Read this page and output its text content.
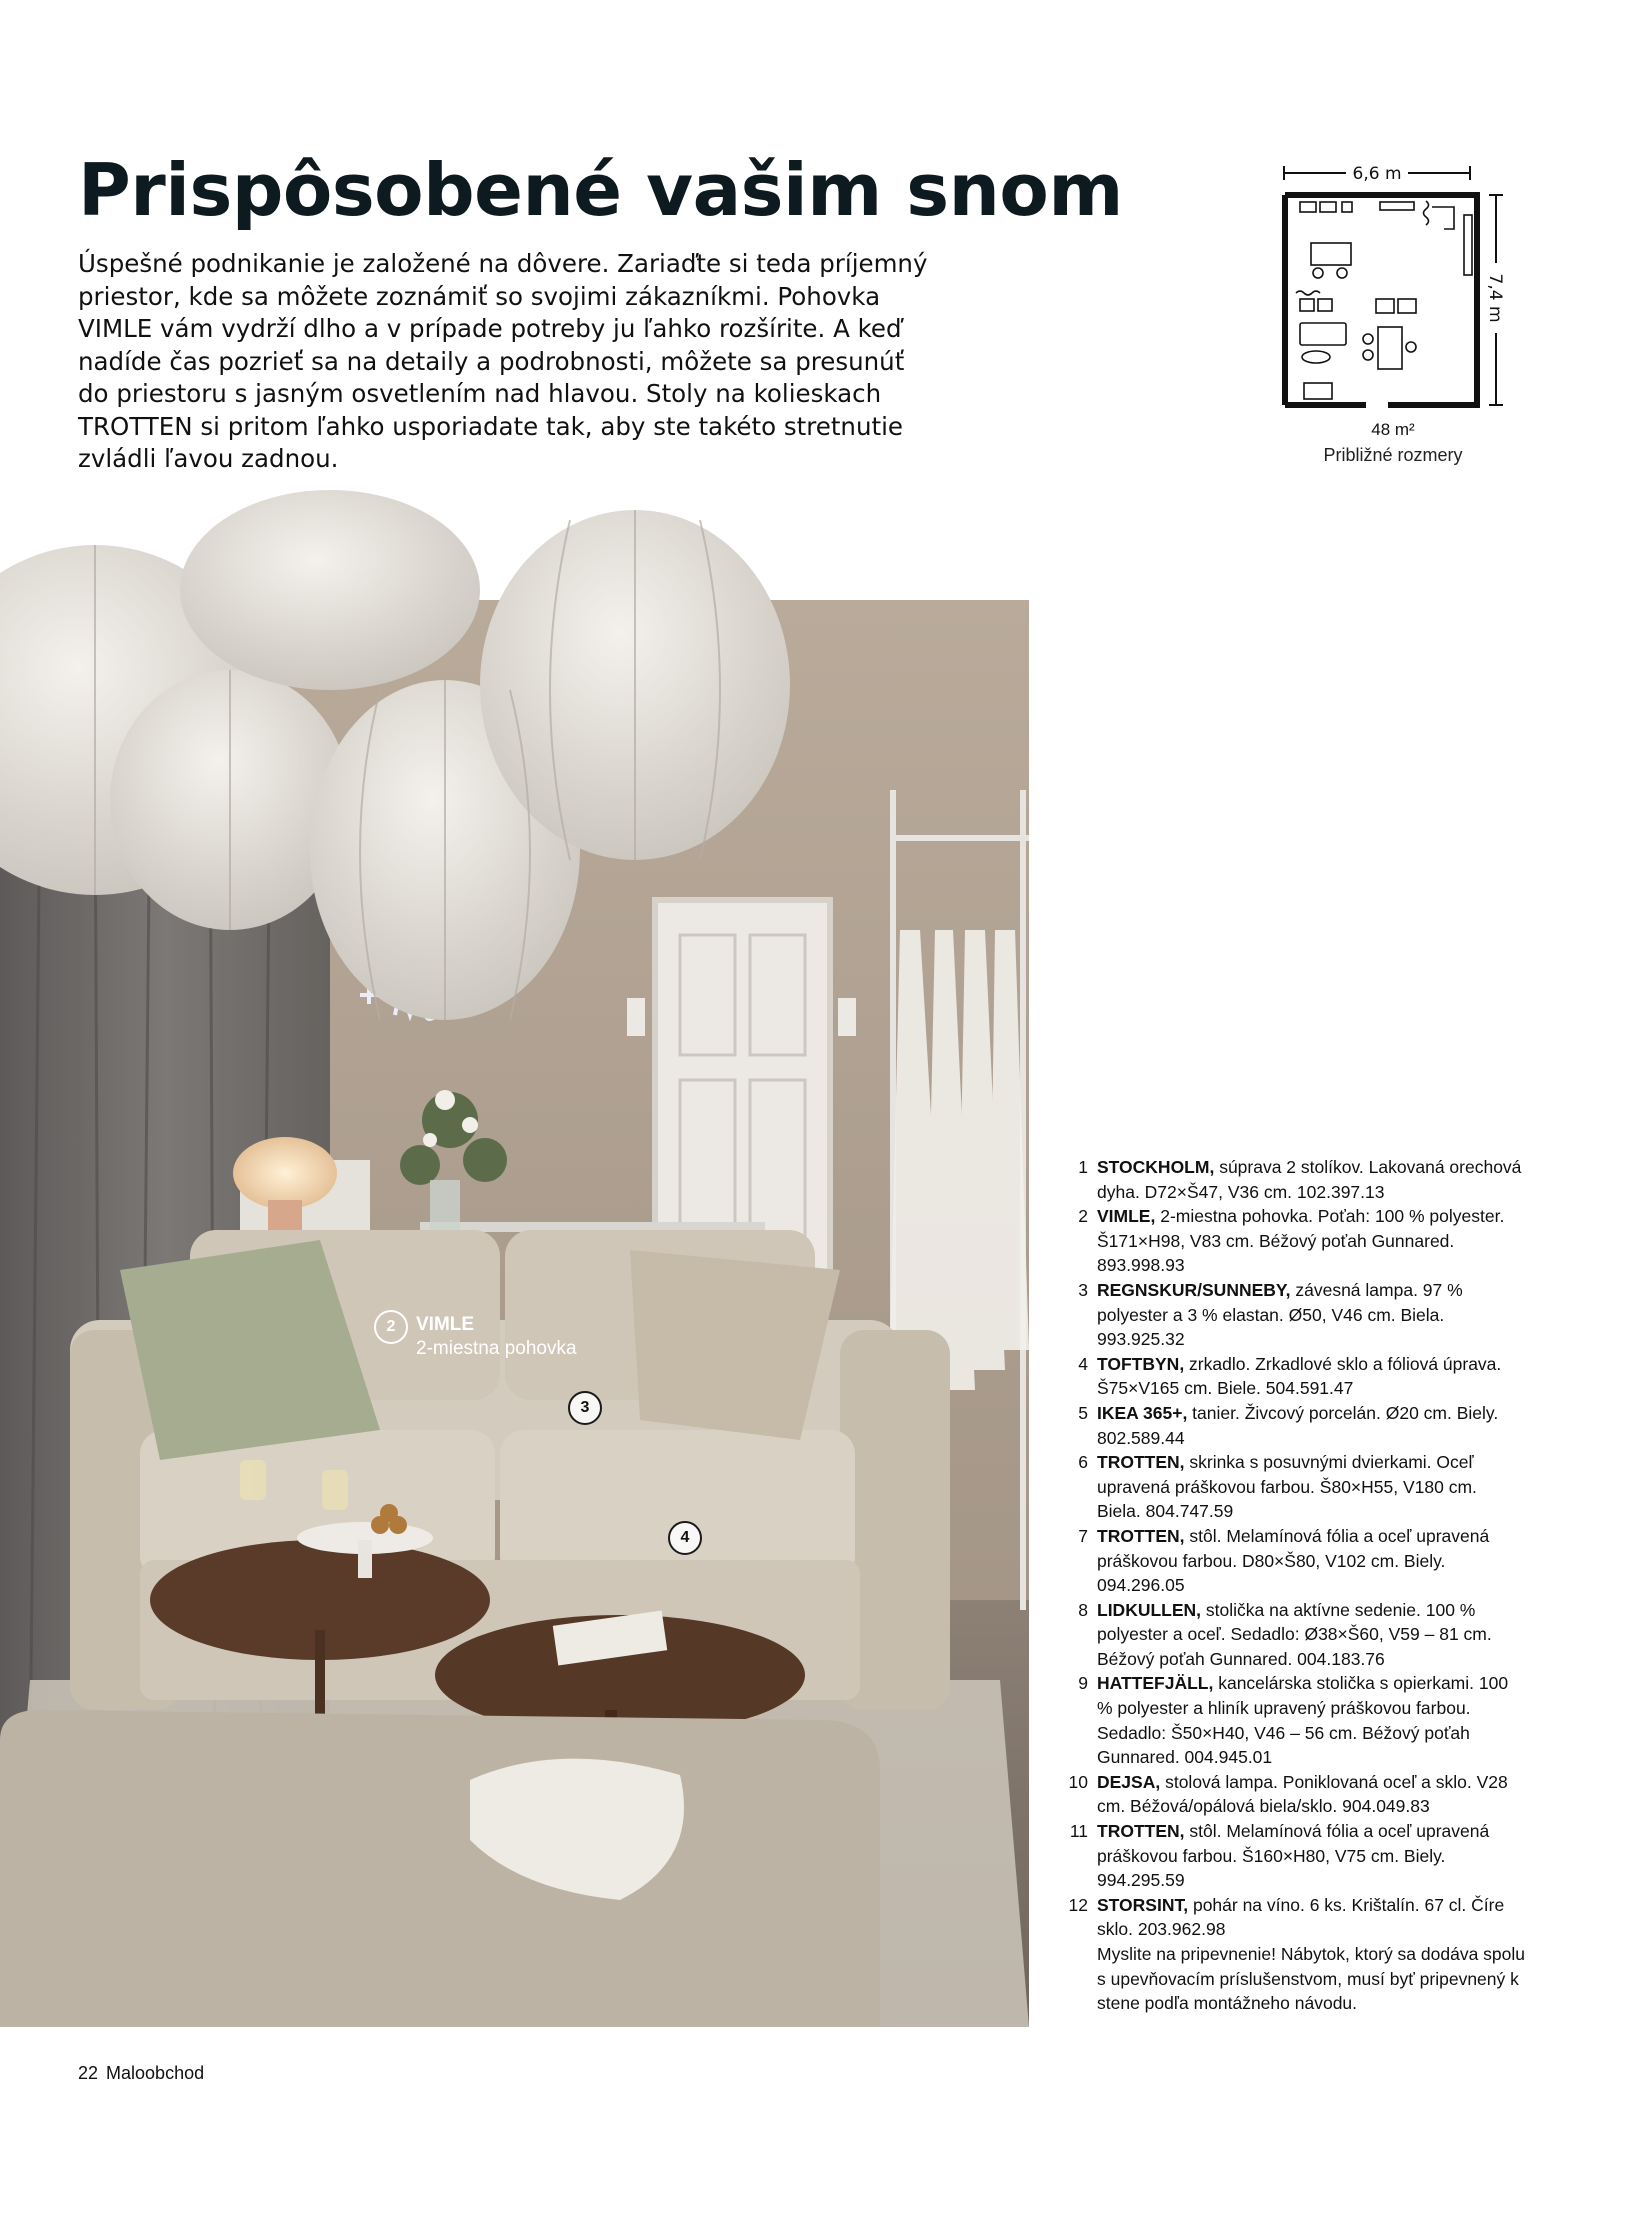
Prispôsobené vašim snom

Úspešné podnikanie je založené na dôvere. Zariaďte si teda príjemný priestor, kde sa môžete zoznámiť so svojimi zákazníkmi. Pohovka VIMLE vám vydrží dlho a v prípade potreby ju ľahko rozšírite. A keď nadíde čas pozrieť sa na detaily a podrobnosti, môžete sa presunúť do priestoru s jasným osvetlením nad hlavou. Stoly na kolieskach TROTTEN si pritom ľahko usporiadate tak, aby ste takéto stretnutie zvládli ľavou zadnou.

6,6 m
7,4 m
48 m²
Približné rozmery
3
4
1
2	VIMLE
2-miestna pohovka
1 STOCKHOLM, súprava 2 stolíkov. Lakovaná orechová dyha. D72×Š47, V36 cm. 102.397.13
2 VIMLE, 2-miestna pohovka. Poťah: 100 % polyester. Š171×H98, V83 cm. Béžový poťah Gunnared. 893.998.93
3 REGNSKUR/SUNNEBY, závesná lampa. 97 % polyester a 3 % elastan. Ø50, V46 cm. Biela. 993.925.32
4 TOFTBYN, zrkadlo. Zrkadlové sklo a fóliová úprava. Š75×V165 cm. Biele. 504.591.47
5 IKEA 365+, tanier. Živcový porcelán. Ø20 cm. Biely. 802.589.44
6 TROTTEN, skrinka s posuvnými dvierkami. Oceľ upravená práškovou farbou. Š80×H55, V180 cm. Biela. 804.747.59
7 TROTTEN, stôl. Melamínová fólia a oceľ upravená práškovou farbou. D80×Š80, V102 cm. Biely. 094.296.05
8 LIDKULLEN, stolička na aktívne sedenie. 100 % polyester a oceľ. Sedadlo: Ø38×Š60, V59 – 81 cm. Béžový poťah Gunnared. 004.183.76
9 HATTEFJÄLL, kancelárska stolička s opierkami. 100 % polyester a hliník upravený práškovou farbou. Sedadlo: Š50×H40, V46 – 56 cm. Béžový poťah Gunnared. 004.945.01
10 DEJSA, stolová lampa. Poniklovaná oceľ a sklo. V28 cm. Béžová/opálová biela/sklo. 904.049.83
11 TROTTEN, stôl. Melamínová fólia a oceľ upravená práškovou farbou. Š160×H80, V75 cm. Biely. 994.295.59
12 STORSINT, pohár na víno. 6 ks. Krištalín. 67 cl. Číre sklo. 203.962.98

Myslite na pripevnenie! Nábytok, ktorý sa dodáva spolu s upevňovacím príslušenstvom, musí byť pripevnený k stene podľa montážneho návodu.

22 Maloobchod
